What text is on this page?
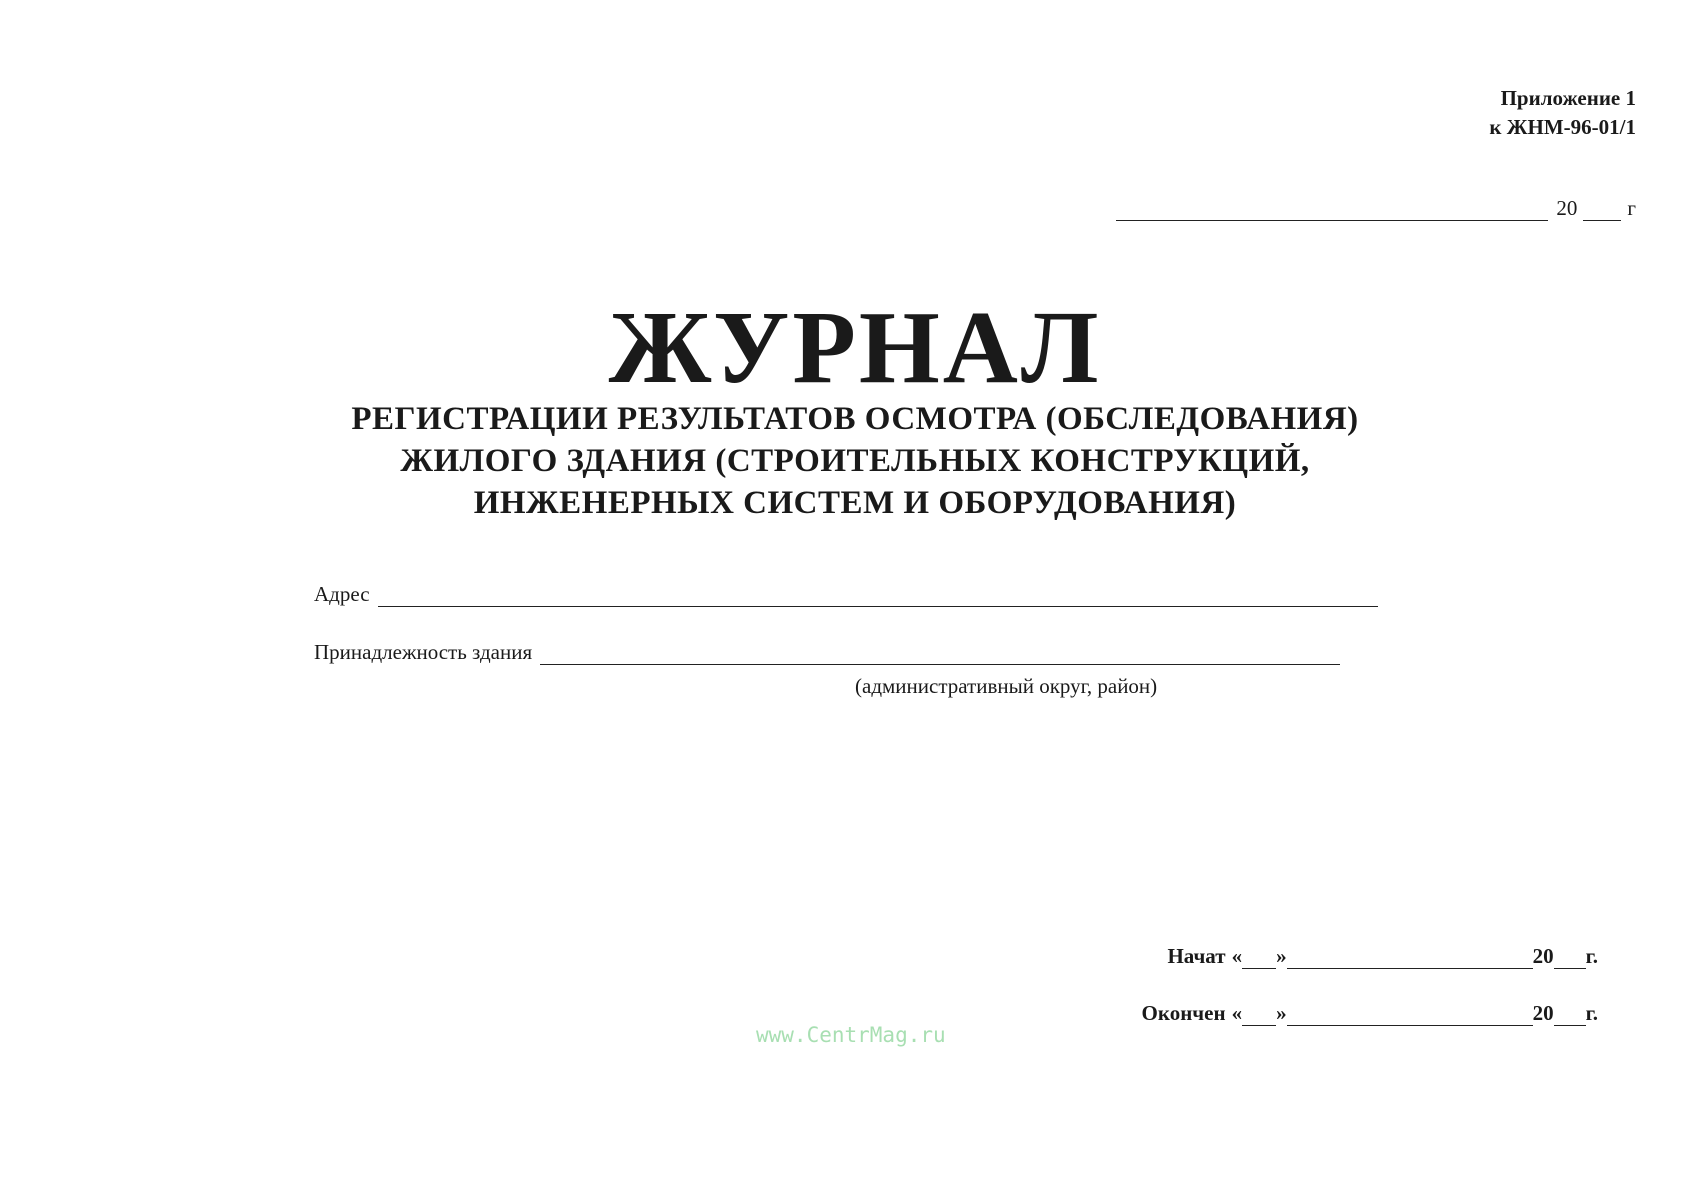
Приложение 1
к ЖНМ-96-01/1
20 г
ЖУРНАЛ
РЕГИСТРАЦИИ РЕЗУЛЬТАТОВ ОСМОТРА (ОБСЛЕДОВАНИЯ)
ЖИЛОГО ЗДАНИЯ (СТРОИТЕЛЬНЫХ КОНСТРУКЦИЙ,
ИНЖЕНЕРНЫХ СИСТЕМ И ОБОРУДОВАНИЯ)
Адрес
Принадлежность здания
(административный округ, район)
Начат « »	20 г.
Окончен « »	20 г.
www.CentrMag.ru
